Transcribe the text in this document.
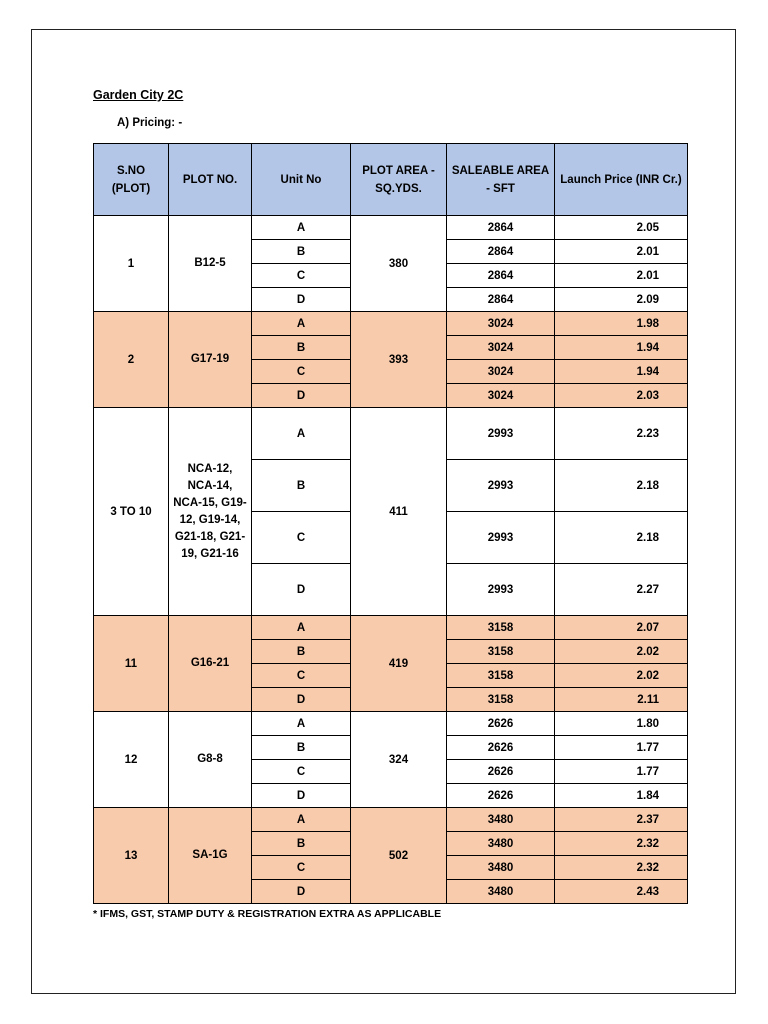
Garden City 2C
A) Pricing: -
S.NO (PLOT)	PLOT NO.	Unit No	PLOT AREA - SQ.YDS.	SALEABLE AREA - SFT	Launch Price (INR Cr.)
1	B12-5	A	380	2864	2.05
		B		2864	2.01
		C		2864	2.01
		D		2864	2.09
2	G17-19	A	393	3024	1.98
		B		3024	1.94
		C		3024	1.94
		D		3024	2.03
3 TO 10	NCA-12, NCA-14, NCA-15, G19-12, G19-14, G21-18, G21-19, G21-16	A	411	2993	2.23
		B		2993	2.18
		C		2993	2.18
		D		2993	2.27
11	G16-21	A	419	3158	2.07
		B		3158	2.02
		C		3158	2.02
		D		3158	2.11
12	G8-8	A	324	2626	1.80
		B		2626	1.77
		C		2626	1.77
		D		2626	1.84
13	SA-1G	A	502	3480	2.37
		B		3480	2.32
		C		3480	2.32
		D		3480	2.43
* IFMS, GST, STAMP DUTY & REGISTRATION EXTRA AS APPLICABLE
